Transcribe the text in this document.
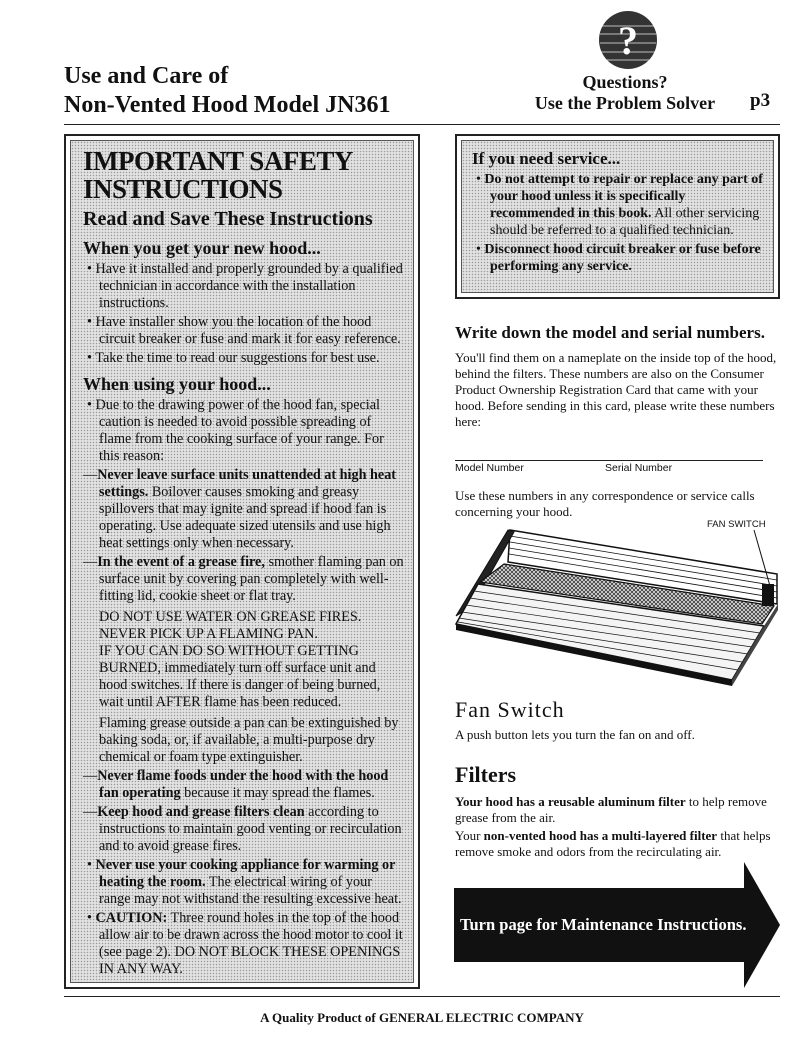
Use and Care of
Non-Vented Hood Model JN361
?
Questions?
Use the Problem Solver	p3
IMPORTANT SAFETY
INSTRUCTIONS
Read and Save These Instructions
When you get your new hood...
• Have it installed and properly grounded by a qualified technician in accordance with the installation instructions.
• Have installer show you the location of the hood circuit breaker or fuse and mark it for easy reference.
• Take the time to read our suggestions for best use.
When using your hood...
• Due to the drawing power of the hood fan, special caution is needed to avoid possible spreading of flame from the cooking surface of your range. For this reason:
—Never leave surface units unattended at high heat settings. Boilover causes smoking and greasy spillovers that may ignite and spread if hood fan is operating. Use adequate sized utensils and use high heat settings only when necessary.
—In the event of a grease fire, smother flaming pan on surface unit by covering pan completely with well-fitting lid, cookie sheet or flat tray.
DO NOT USE WATER ON GREASE FIRES.
NEVER PICK UP A FLAMING PAN.
IF YOU CAN DO SO WITHOUT GETTING BURNED, immediately turn off surface unit and hood switches. If there is danger of being burned, wait until AFTER flame has been reduced.
Flaming grease outside a pan can be extinguished by baking soda, or, if available, a multi-purpose dry chemical or foam type extinguisher.
—Never flame foods under the hood with the hood fan operating because it may spread the flames.
—Keep hood and grease filters clean according to instructions to maintain good venting or recirculation and to avoid grease fires.
• Never use your cooking appliance for warming or heating the room. The electrical wiring of your range may not withstand the resulting excessive heat.
• CAUTION: Three round holes in the top of the hood allow air to be drawn across the hood motor to cool it (see page 2). DO NOT BLOCK THESE OPENINGS IN ANY WAY.
If you need service...
• Do not attempt to repair or replace any part of your hood unless it is specifically recommended in this book. All other servicing should be referred to a qualified technician.
• Disconnect hood circuit breaker or fuse before performing any service.
Write down the model and serial numbers.
You'll find them on a nameplate on the inside top of the hood, behind the filters. These numbers are also on the Consumer Product Ownership Registration Card that came with your hood. Before sending in this card, please write these numbers here:
Model Number	Serial Number
Use these numbers in any correspondence or service calls concerning your hood.
FAN SWITCH
Fan Switch
A push button lets you turn the fan on and off.
Filters
Your hood has a reusable aluminum filter to help remove grease from the air.
Your non-vented hood has a multi-layered filter that helps remove smoke and odors from the recirculating air.
Turn page for Maintenance Instructions.
A Quality Product of GENERAL ELECTRIC COMPANY
